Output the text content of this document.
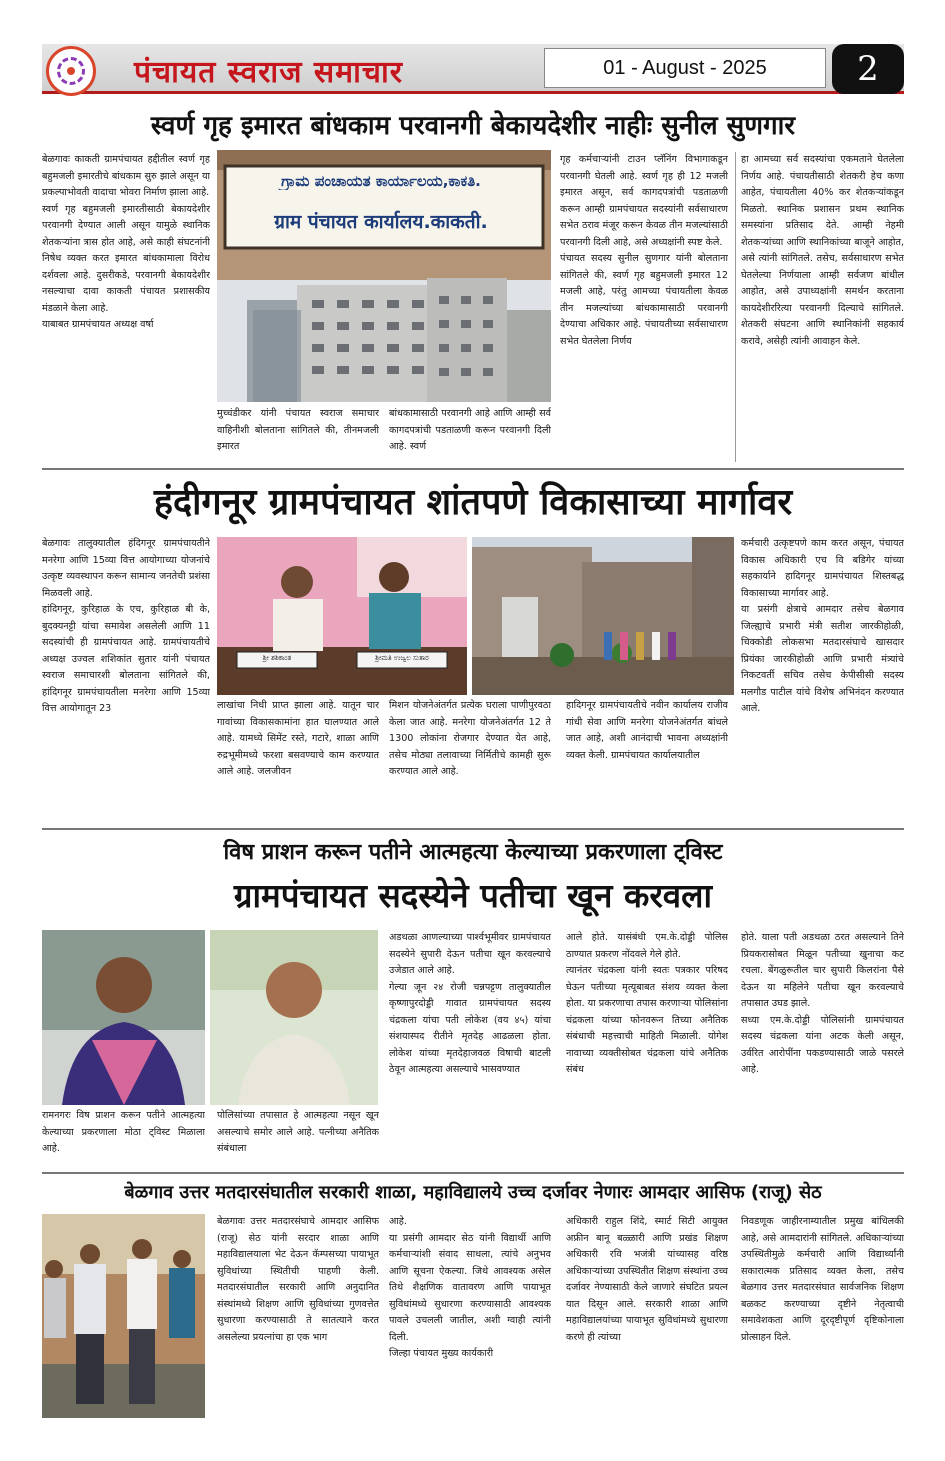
पंचायत स्वराज समाचार	01 - August - 2025	2
स्वर्ण गृह इमारत बांधकाम परवानगी बेकायदेशीर नाहीः सुनील सुणगार

बेळगावः काकती ग्रामपंचायत हद्दीतील स्वर्ण गृह बहुमजली इमारतीचे बांधकाम सुरु झाले असून या प्रकल्पाभोवती वादाचा भोवरा निर्माण झाला आहे.

स्वर्ण गृह बहुमजली इमारतीसाठी बेकायदेशीर परवानगी देण्यात आली असून यामुळे स्थानिक शेतकऱ्यांना त्रास होत आहे, असे काही संघटनांनी निषेध व्यक्त करत इमारत बांधकामाला विरोध दर्शवला आहे. दुसरीकडे, परवानगी बेकायदेशीर नसल्याचा दावा काकती पंचायत प्रशासकीय मंडळाने केला आहे.

याबाबत ग्रामपंचायत अध्यक्ष वर्षा

ಗ್ರಾಮ ಪಂಚಾಯತ ಕಾರ್ಯಾಲಯ,ಕಾಕತಿ.
ग्राम पंचायत कार्यालय.काकती.

मुच्चंडीकर यांनी पंचायत स्वराज समाचार वाहिनीशी बोलताना सांगितले की, तीनमजली इमारत

बांधकामासाठी परवानगी आहे आणि आम्ही सर्व कागदपत्रांची पडताळणी करून परवानगी दिली आहे. स्वर्ण

गृह कर्मचाऱ्यांनी टाउन प्लॅनिंग विभागाकडून परवानगी घेतली आहे. स्वर्ण गृह ही 12 मजली इमारत असून, सर्व कागदपत्रांची पडताळणी करून आम्ही ग्रामपंचायत सदस्यांनी सर्वसाधारण सभेत ठराव मंजूर करून केवळ तीन मजल्यांसाठी परवानगी दिली आहे, असे अध्यक्षांनी स्पष्ट केले.

पंचायत सदस्य सुनील सुणगार यांनी बोलताना सांगितले की, स्वर्ण गृह बहुमजली इमारत 12 मजली आहे, परंतु आमच्या पंचायतीला केवळ तीन मजल्यांच्या बांधकामासाठी परवानगी देण्याचा अधिकार आहे. पंचायतीच्या सर्वसाधारण सभेत घेतलेला निर्णय

हा आमच्या सर्व सदस्यांचा एकमताने घेतलेला निर्णय आहे. पंचायतीसाठी शेतकरी हेच कणा आहेत, पंचायतीला 40% कर शेतकऱ्यांकडून मिळतो. स्थानिक प्रशासन प्रथम स्थानिक समस्यांना प्रतिसाद देते. आम्ही नेहमी शेतकऱ्यांच्या आणि स्थानिकांच्या बाजूने आहोत, असे त्यांनी सांगितले. तसेच, सर्वसाधारण सभेत घेतलेल्या निर्णयाला आम्ही सर्वजण बांधील आहोत, असे उपाध्यक्षांनी समर्थन करताना कायदेशीररित्या परवानगी दिल्याचे सांगितले. शेतकरी संघटना आणि स्थानिकांनी सहकार्य करावे, असेही त्यांनी आवाहन केले.

हंदीगनूर ग्रामपंचायत शांतपणे विकासाच्या मार्गावर

बेळगावः तालुक्यातील हंदिगनूर ग्रामपंचायतीने मनरेगा आणि 15व्या वित्त आयोगाच्या योजनांचे उत्कृष्ट व्यवस्थापन करून सामान्य जनतेची प्रशंसा मिळवली आहे.

हांदिगनूर, कुरिहाळ के एच, कुरिहाळ बी के, बुदक्यनट्टी यांचा समावेश असलेली आणि 11 सदस्यांची ही ग्रामपंचायत आहे. ग्रामपंचायतीचे अध्यक्ष उज्वल शशिकांत सुतार यांनी पंचायत स्वराज समाचारशी बोलताना सांगितले की, हांदिगनूर ग्रामपंचायतीला मनरेगा आणि 15व्या वित्त आयोगातून 23

ಶ್ರೀ ಶಶಿಕಾಂತ	ಶ್ರೀಮತಿ ಉಜ್ವಲ ಸುತಾರ

लाखांचा निधी प्राप्त झाला आहे. यातून चार गावांच्या विकासकामांना हात घालण्यात आले आहे. यामध्ये सिमेंट रस्ते, गटारे, शाळा आणि रुद्रभूमीमध्ये फरशा बसवण्याचे काम करण्यात आले आहे. जलजीवन

मिशन योजनेअंतर्गत प्रत्येक घराला पाणीपुरवठा केला जात आहे. मनरेगा योजनेअंतर्गत 12 ते 1300 लोकांना रोजगार देण्यात येत आहे, तसेच मोठ्या तलावाच्या निर्मितीचे कामही सुरू करण्यात आले आहे.

हादिगनूर ग्रामपंचायतीचे नवीन कार्यालय राजीव गांधी सेवा आणि मनरेगा योजनेअंतर्गत बांधले जात आहे, अशी आनंदाची भावना अध्यक्षांनी व्यक्त केली. ग्रामपंचायत कार्यालयातील

कर्मचारी उत्कृष्टपणे काम करत असून, पंचायत विकास अधिकारी एच वि बडिगेर यांच्या सहकार्याने हादिगनूर ग्रामपंचायत शिस्तबद्ध विकासाच्या मार्गावर आहे.

या प्रसंगी क्षेत्राचे आमदार तसेच बेळगाव जिल्ह्याचे प्रभारी मंत्री सतीश जारकीहोळी, चिक्कोडी लोकसभा मतदारसंघाचे खासदार प्रियंका जारकीहोळी आणि प्रभारी मंत्र्यांचे निकटवर्ती सचिव तसेच केपीसीसी सदस्य मलगौड पाटील यांचे विशेष अभिनंदन करण्यात आले.

विष प्राशन करून पतीने आत्महत्या केल्याच्या प्रकरणाला ट्विस्ट
ग्रामपंचायत सदस्येने पतीचा खून करवला

रामनगरः विष प्राशन करून पतीने आत्महत्या केल्याच्या प्रकरणाला मोठा ट्विस्ट मिळाला आहे.

पोलिसांच्या तपासात हे आत्महत्या नसून खून असल्याचे समोर आले आहे. पत्नीच्या अनैतिक संबंधाला

अडथळा आणल्याच्या पार्श्वभूमीवर ग्रामपंचायत सदस्येने सुपारी देऊन पतीचा खून करवल्याचे उजेडात आले आहे.

गेल्या जून २४ रोजी चन्नपट्टण तालुक्यातील कृष्णापुरदोड्डी गावात ग्रामपंचायत सदस्य चंद्रकला यांचा पती लोकेश (वय ४५) यांचा संशयास्पद रीतीने मृतदेह आढळला होता. लोकेश यांच्या मृतदेहाजवळ विषाची बाटली ठेवून आत्महत्या असल्याचे भासवण्यात

आले होते. यासंबंधी एम.के.दोड्डी पोलिस ठाण्यात प्रकरण नोंदवले गेले होते.

त्यानंतर चंद्रकला यांनी स्वतः पत्रकार परिषद घेऊन पतीच्या मृत्यूबाबत संशय व्यक्त केला होता. या प्रकरणाचा तपास करणाऱ्या पोलिसांना चंद्रकला यांच्या फोनवरून तिच्या अनैतिक संबंधाची महत्त्वाची माहिती मिळाली. योगेश नावाच्या व्यक्तीसोबत चंद्रकला यांचे अनैतिक संबंध

होते. याला पती अडथळा ठरत असल्याने तिने प्रियकरासोबत मिळून पतीच्या खुनाचा कट रचला. बेंगळुरूतील चार सुपारी किलरांना पैसे देऊन या महिलेने पतीचा खून करवल्याचे तपासात उघड झाले.

सध्या एम.के.दोड्डी पोलिसांनी ग्रामपंचायत सदस्य चंद्रकला यांना अटक केली असून, उर्वरित आरोपींना पकडण्यासाठी जाळे पसरले आहे.

बेळगाव उत्तर मतदारसंघातील सरकारी शाळा, महाविद्यालये उच्च दर्जावर नेणारः आमदार आसिफ (राजू) सेठ

बेळगावः उत्तर मतदारसंघाचे आमदार आसिफ (राजू) सेठ यांनी सरदार शाळा आणि महाविद्यालयाला भेट देऊन कॅम्पसच्या पायाभूत सुविधांच्या स्थितीची पाहणी केली. मतदारसंघातील सरकारी आणि अनुदानित संस्थांमध्ये शिक्षण आणि सुविधांच्या गुणवत्तेत सुधारणा करण्यासाठी ते सातत्याने करत असलेल्या प्रयत्नांचा हा एक भाग

आहे.

या प्रसंगी आमदार सेठ यांनी विद्यार्थी आणि कर्मचाऱ्यांशी संवाद साधला, त्यांचे अनुभव आणि सूचना ऐकल्या. जिथे आवश्यक असेल तिथे शैक्षणिक वातावरण आणि पायाभूत सुविधांमध्ये सुधारणा करण्यासाठी आवश्यक पावले उचलली जातील, अशी ग्वाही त्यांनी दिली.

जिल्हा पंचायत मुख्य कार्यकारी

अधिकारी राहुल शिंदे, स्मार्ट सिटी आयुक्त अफ्रीन बानू बळ्ळारी आणि प्रखंड शिक्षण अधिकारी रवि भजंत्री यांच्यासह वरिष्ठ अधिकाऱ्यांच्या उपस्थितीत शिक्षण संस्थांना उच्च दर्जावर नेण्यासाठी केले जाणारे संघटित प्रयत्न यात दिसून आले. सरकारी शाळा आणि महाविद्यालयांच्या पायाभूत सुविधांमध्ये सुधारणा करणे ही त्यांच्या

निवडणूक जाहीरनाम्यातील प्रमुख बांधिलकी आहे, असे आमदारांनी सांगितले. अधिकाऱ्यांच्या उपस्थितीमुळे कर्मचारी आणि विद्यार्थ्यांनी सकारात्मक प्रतिसाद व्यक्त केला, तसेच बेळगाव उत्तर मतदारसंघात सार्वजनिक शिक्षण बळकट करण्याच्या दृष्टीने नेतृत्वाची समावेशकता आणि दूरदृष्टीपूर्ण दृष्टिकोनाला प्रोत्साहन दिले.
